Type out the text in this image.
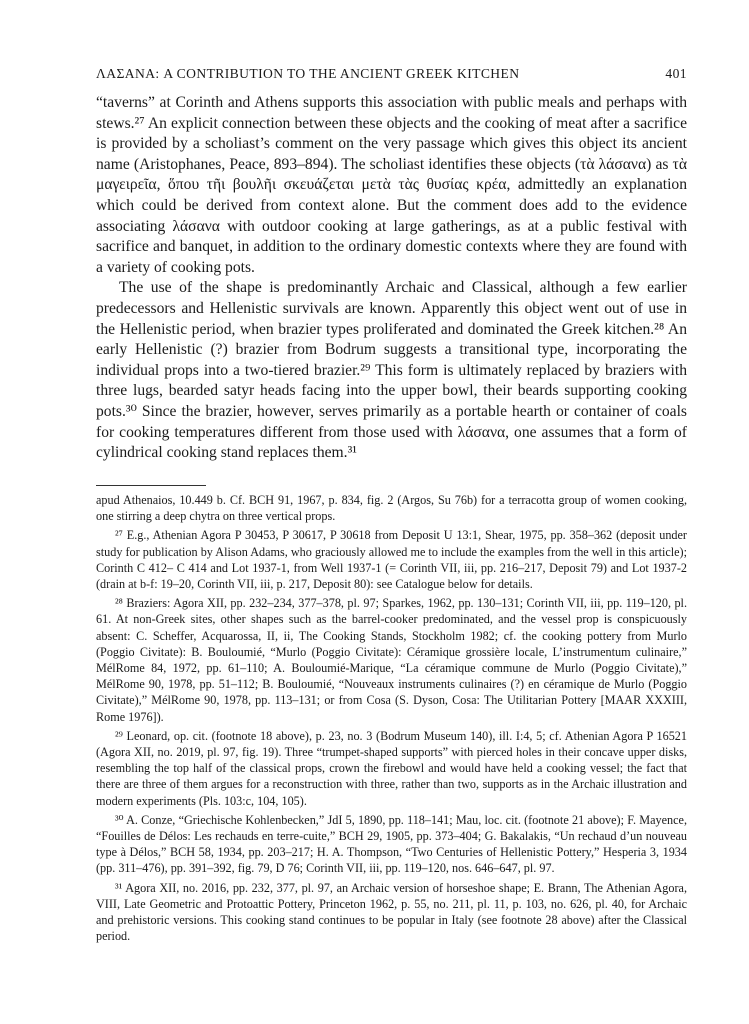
ΛΑΣΑΝΑ: A CONTRIBUTION TO THE ANCIENT GREEK KITCHEN	401

“taverns” at Corinth and Athens supports this association with public meals and perhaps with stews.²⁷ An explicit connection between these objects and the cooking of meat after a sacrifice is provided by a scholiast’s comment on the very passage which gives this object its ancient name (Aristophanes, Peace, 893–894). The scholiast identifies these objects (τὰ λάσανα) as τὰ μαγειρεῖα, ὅπου τῆι βουλῆι σκευάζεται μετὰ τὰς θυσίας κρέα, admittedly an explanation which could be derived from context alone. But the comment does add to the evidence associating λάσανα with outdoor cooking at large gatherings, as at a public festival with sacrifice and banquet, in addition to the ordinary domestic contexts where they are found with a variety of cooking pots.

The use of the shape is predominantly Archaic and Classical, although a few earlier predecessors and Hellenistic survivals are known. Apparently this object went out of use in the Hellenistic period, when brazier types proliferated and dominated the Greek kitchen.²⁸ An early Hellenistic (?) brazier from Bodrum suggests a transitional type, incorporating the individual props into a two-tiered brazier.²⁹ This form is ultimately replaced by braziers with three lugs, bearded satyr heads facing into the upper bowl, their beards supporting cooking pots.³⁰ Since the brazier, however, serves primarily as a portable hearth or container of coals for cooking temperatures different from those used with λάσανα, one assumes that a form of cylindrical cooking stand replaces them.³¹

apud Athenaios, 10.449 b. Cf. BCH 91, 1967, p. 834, fig. 2 (Argos, Su 76b) for a terracotta group of women cooking, one stirring a deep chytra on three vertical props.

²⁷ E.g., Athenian Agora P 30453, P 30617, P 30618 from Deposit U 13:1, Shear, 1975, pp. 358–362 (deposit under study for publication by Alison Adams, who graciously allowed me to include the examples from the well in this article); Corinth C 412– C 414 and Lot 1937-1, from Well 1937-1 (= Corinth VII, iii, pp. 216–217, Deposit 79) and Lot 1937-2 (drain at b-f: 19–20, Corinth VII, iii, p. 217, Deposit 80): see Catalogue below for details.

²⁸ Braziers: Agora XII, pp. 232–234, 377–378, pl. 97; Sparkes, 1962, pp. 130–131; Corinth VII, iii, pp. 119–120, pl. 61. At non-Greek sites, other shapes such as the barrel-cooker predominated, and the vessel prop is conspicuously absent: C. Scheffer, Acquarossa, II, ii, The Cooking Stands, Stockholm 1982; cf. the cooking pottery from Murlo (Poggio Civitate): B. Bouloumié, “Murlo (Poggio Civitate): Céramique grossière locale, L’instrumentum culinaire,” MélRome 84, 1972, pp. 61–110; A. Bouloumié-Marique, “La céramique commune de Murlo (Poggio Civitate),” MélRome 90, 1978, pp. 51–112; B. Bouloumié, “Nouveaux instruments culinaires (?) en céramique de Murlo (Poggio Civitate),” MélRome 90, 1978, pp. 113–131; or from Cosa (S. Dyson, Cosa: The Utilitarian Pottery [MAAR XXXIII, Rome 1976]).

²⁹ Leonard, op. cit. (footnote 18 above), p. 23, no. 3 (Bodrum Museum 140), ill. I:4, 5; cf. Athenian Agora P 16521 (Agora XII, no. 2019, pl. 97, fig. 19). Three “trumpet-shaped supports” with pierced holes in their concave upper disks, resembling the top half of the classical props, crown the firebowl and would have held a cooking vessel; the fact that there are three of them argues for a reconstruction with three, rather than two, supports as in the Archaic illustration and modern experiments (Pls. 103:c, 104, 105).

³⁰ A. Conze, “Griechische Kohlenbecken,” JdI 5, 1890, pp. 118–141; Mau, loc. cit. (footnote 21 above); F. Mayence, “Fouilles de Délos: Les rechauds en terre-cuite,” BCH 29, 1905, pp. 373–404; G. Bakalakis, “Un rechaud d’un nouveau type à Délos,” BCH 58, 1934, pp. 203–217; H. A. Thompson, “Two Centuries of Hellenistic Pottery,” Hesperia 3, 1934 (pp. 311–476), pp. 391–392, fig. 79, D 76; Corinth VII, iii, pp. 119–120, nos. 646–647, pl. 97.

³¹ Agora XII, no. 2016, pp. 232, 377, pl. 97, an Archaic version of horseshoe shape; E. Brann, The Athenian Agora, VIII, Late Geometric and Protoattic Pottery, Princeton 1962, p. 55, no. 211, pl. 11, p. 103, no. 626, pl. 40, for Archaic and prehistoric versions. This cooking stand continues to be popular in Italy (see footnote 28 above) after the Classical period.
